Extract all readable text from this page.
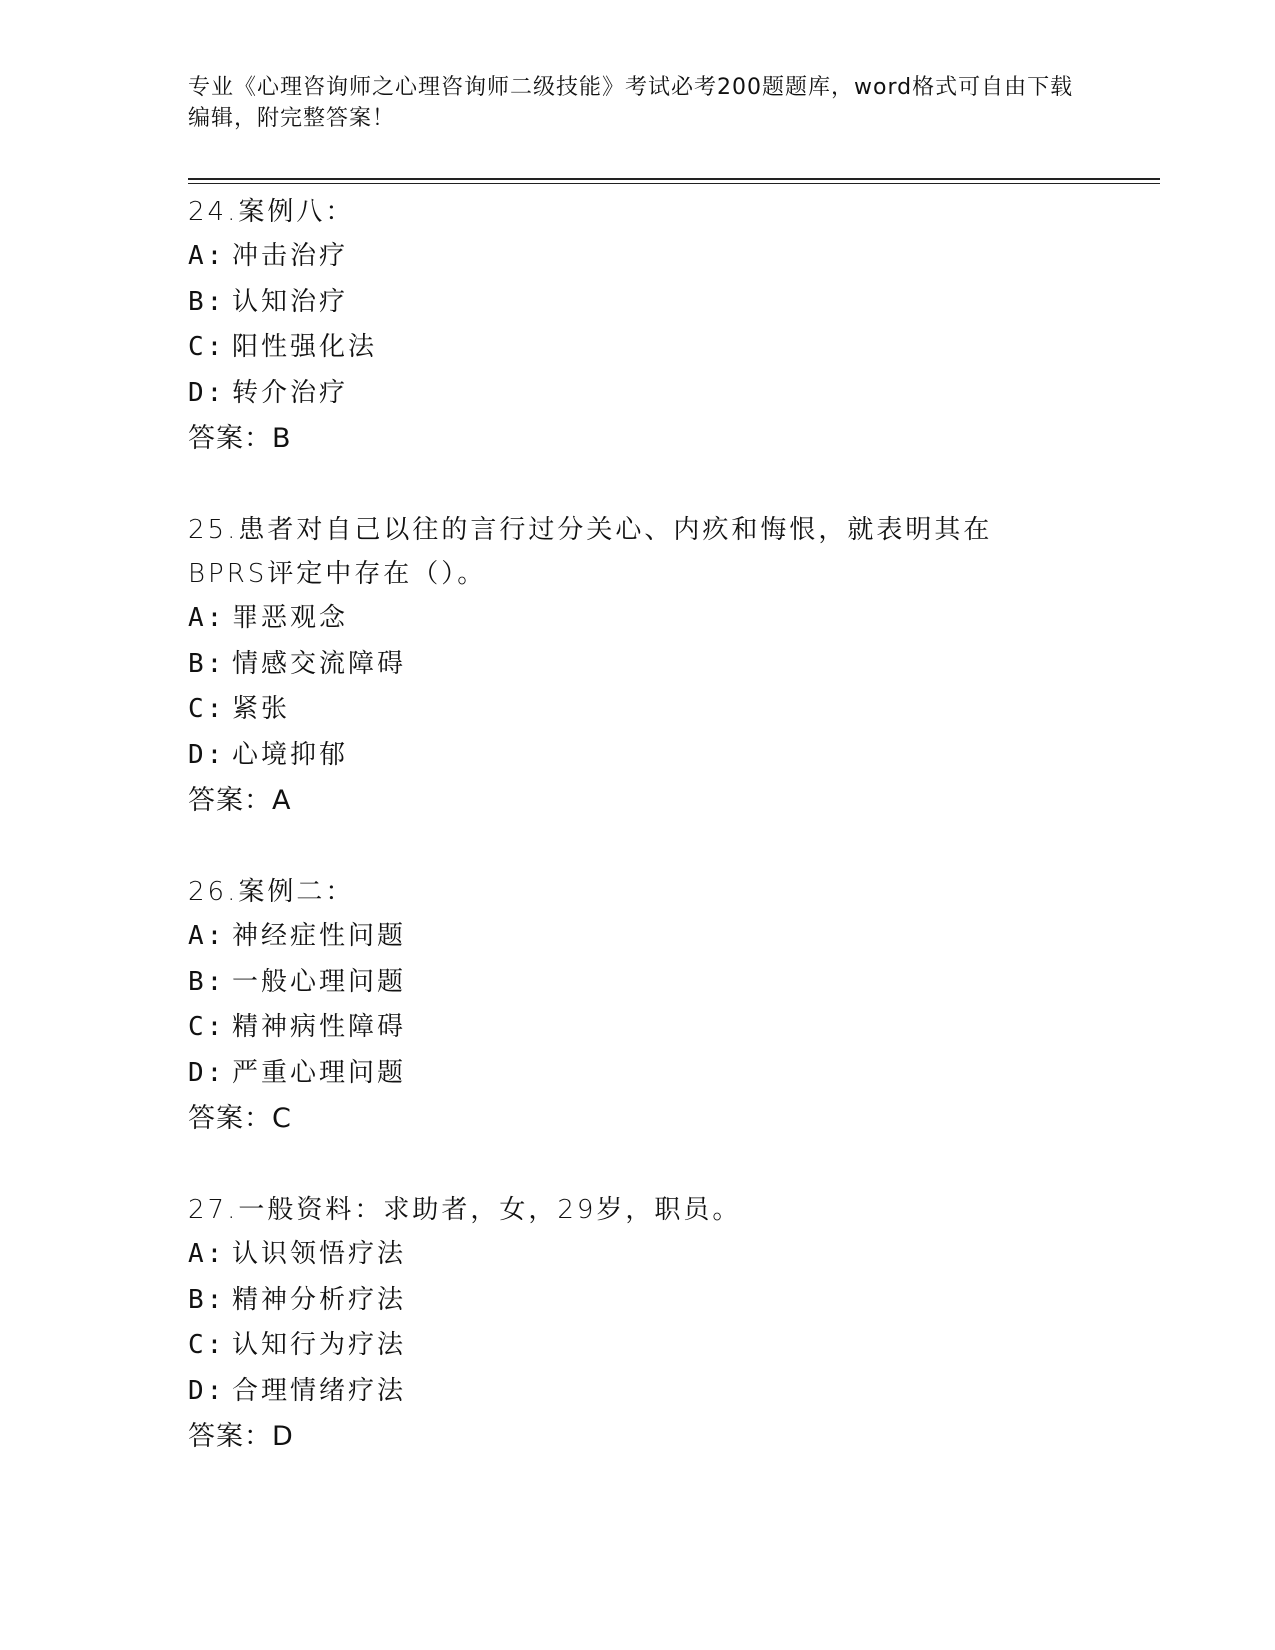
专业《心理咨询师之心理咨询师二级技能》考试必考200题题库，word格式可自由下载编辑，附完整答案！
24.案例八：
A: 冲击治疗
B: 认知治疗
C: 阳性强化法
D: 转介治疗
答案：B
25.患者对自己以往的言行过分关心、内疚和悔恨，就表明其在BPRS评定中存在（）。
A: 罪恶观念
B: 情感交流障碍
C: 紧张
D: 心境抑郁
答案：A
26.案例二：
A: 神经症性问题
B: 一般心理问题
C: 精神病性障碍
D: 严重心理问题
答案：C
27.一般资料：求助者，女，29岁，职员。
A: 认识领悟疗法
B: 精神分析疗法
C: 认知行为疗法
D: 合理情绪疗法
答案：D
